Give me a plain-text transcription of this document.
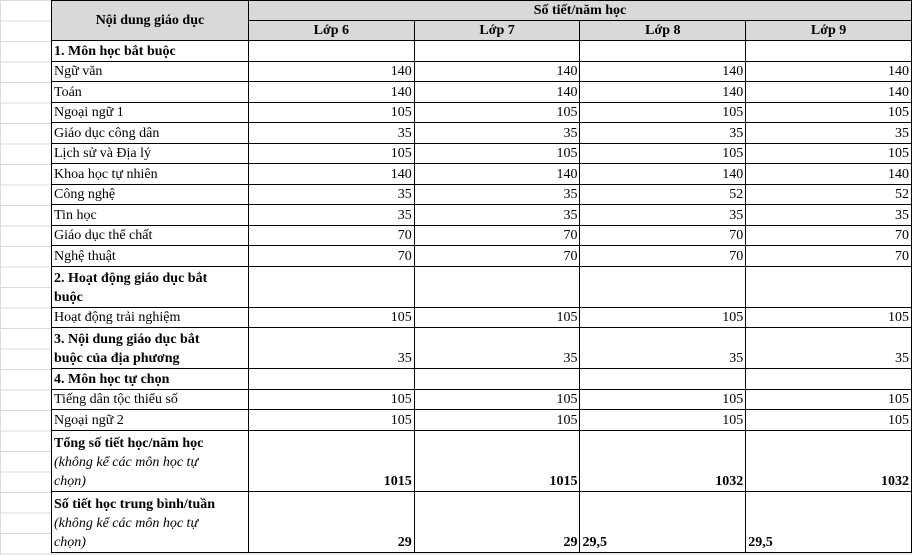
Nội dung giáo dục	Số tiết/năm học			
	Lớp 6	Lớp 7	Lớp 8	Lớp 9
1. Môn học bắt buộc				
Ngữ văn	140	140	140	140
Toán	140	140	140	140
Ngoại ngữ 1	105	105	105	105
Giáo dục công dân	35	35	35	35
Lịch sử và Địa lý	105	105	105	105
Khoa học tự nhiên	140	140	140	140
Công nghệ	35	35	52	52
Tin học	35	35	35	35
Giáo dục thể chất	70	70	70	70
Nghệ thuật	70	70	70	70

2. Hoạt động giáo dục bắt
buộc				

Hoạt động trải nghiệm	105	105	105	105

3. Nội dung giáo dục bắt
buộc của địa phương	35	35	35	35
4. Môn học tự chọn				
Tiếng dân tộc thiểu số	105	105	105	105
Ngoại ngữ 2	105	105	105	105

Tổng số tiết học/năm học
(không kể các môn học tự
chọn)	1015	1015	1032	1032

Số tiết học trung bình/tuần
(không kể các môn học tự
chọn)	29	29	29,5	29,5
